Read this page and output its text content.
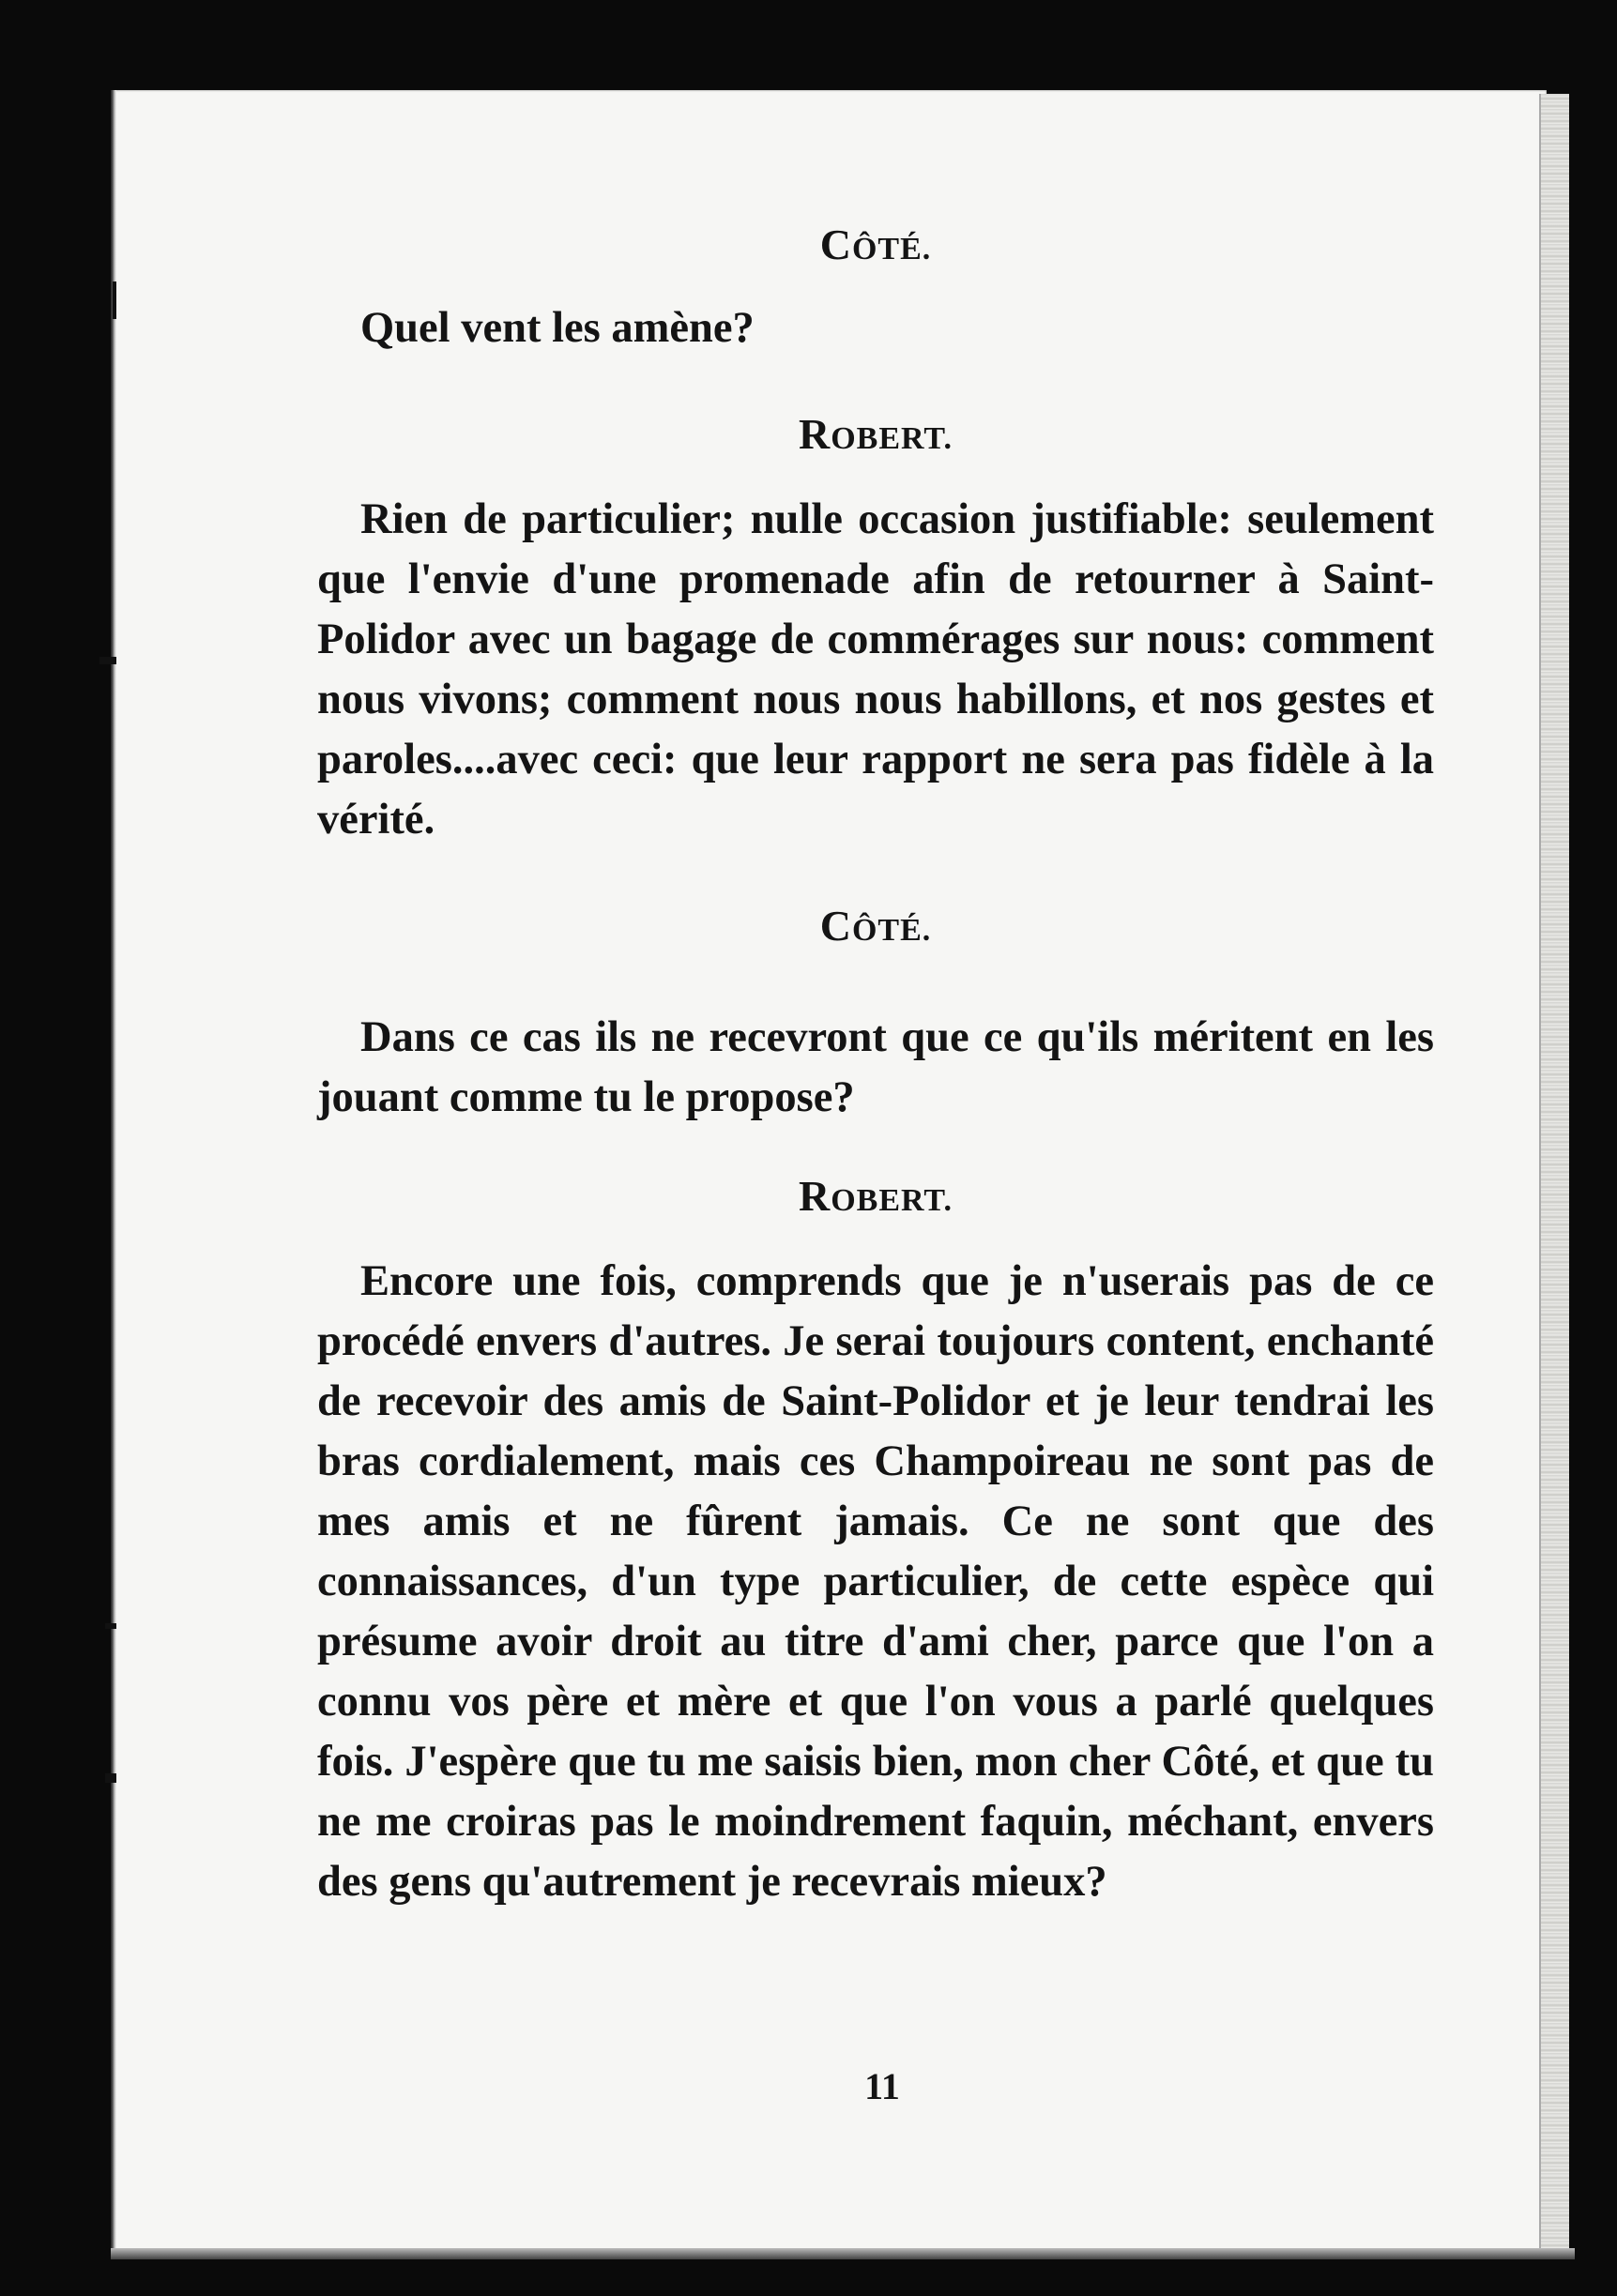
CÔTÉ.

Quel vent les amène?

ROBERT.

Rien de particulier; nulle occasion justifiable: seulement que l'envie d'une promenade afin de retourner à Saint-Polidor avec un bagage de commérages sur nous: comment nous vivons; comment nous nous habillons, et nos gestes et paroles....avec ceci: que leur rapport ne sera pas fidèle à la vérité.

CÔTÉ.

Dans ce cas ils ne recevront que ce qu'ils méritent en les jouant comme tu le propose?

ROBERT.

Encore une fois, comprends que je n'userais pas de ce procédé envers d'autres. Je serai toujours content, enchanté de recevoir des amis de Saint-Polidor et je leur tendrai les bras cordialement, mais ces Champoireau ne sont pas de mes amis et ne fûrent jamais. Ce ne sont que des connaissances, d'un type particulier, de cette espèce qui présume avoir droit au titre d'ami cher, parce que l'on a connu vos père et mère et que l'on vous a parlé quelques fois. J'espère que tu me saisis bien, mon cher Côté, et que tu ne me croiras pas le moindrement faquin, méchant, envers des gens qu'autrement je recevrais mieux?

11
